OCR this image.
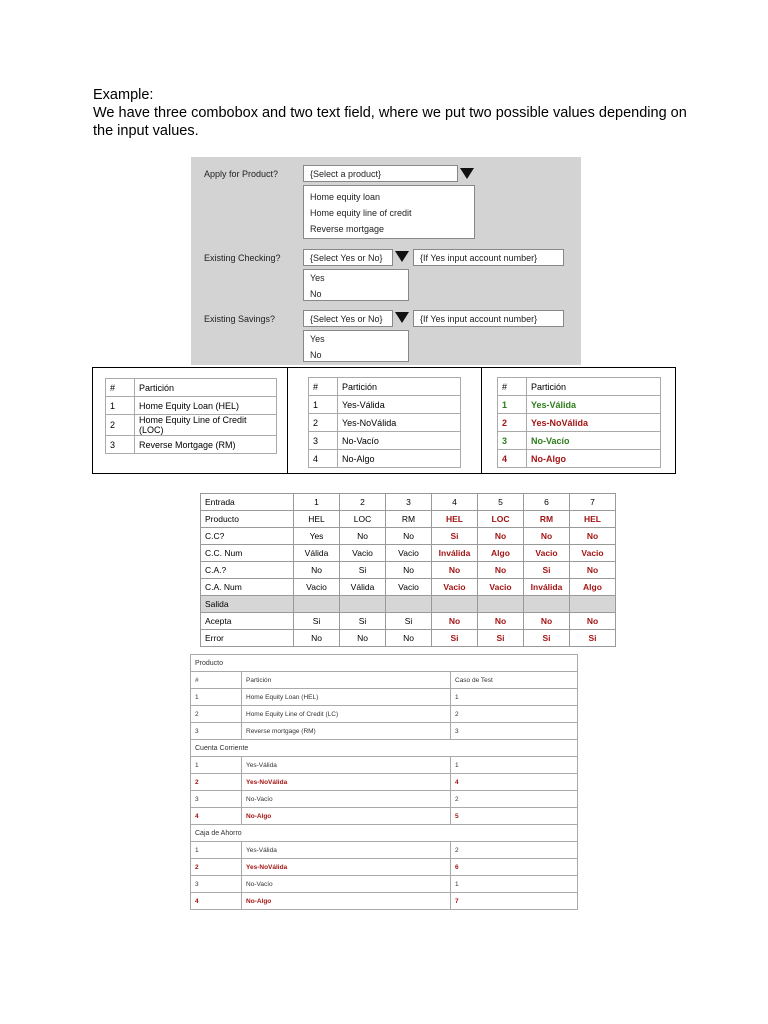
Example:

We have three combobox and two text field, where we put two possible values depending on the input values.

Apply for Product?	{Select a product}
Home equity loan
Home equity line of credit
Reverse mortgage
Existing Checking?	{Select Yes or No}	{If Yes input account number}
Yes
No
Existing Savings?	{Select Yes or No}	{If Yes input account number}
Yes
No
#	Partición
1	Home Equity Loan (HEL)
2	Home Equity Line of Credit (LOC)
3	Reverse Mortgage (RM)
#	Partición
1	Yes-Válida
2	Yes-NoVálida
3	No-Vacío
4	No-Algo
#	Partición
1	Yes-Válida
2	Yes-NoVálida
3	No-Vacío
4	No-Algo
Entrada	1	2	3	4	5	6	7
Producto	HEL	LOC	RM	HEL	LOC	RM	HEL
C.C?	Yes	No	No	Si	No	No	No
C.C. Num	Válida	Vacio	Vacio	Inválida	Algo	Vacio	Vacio
C.A.?	No	Si	No	No	No	Si	No
C.A. Num	Vacio	Válida	Vacio	Vacio	Vacio	Inválida	Algo
Salida							
Acepta	Si	Si	Si	No	No	No	No
Error	No	No	No	Si	Si	Si	Si
Producto		
#	Partición	Caso de Test
1	Home Equity Loan (HEL)	1
2	Home Equity Line of Credit (LC)	2
3	Reverse mortgage (RM)	3
Cuenta Corriente		
1	Yes-Válida	1
2	Yes-NoVálida	4
3	No-Vacío	2
4	No-Algo	5
Caja de Ahorro		
1	Yes-Válida	2
2	Yes-NoVálida	6
3	No-Vacío	1
4	No-Algo	7
